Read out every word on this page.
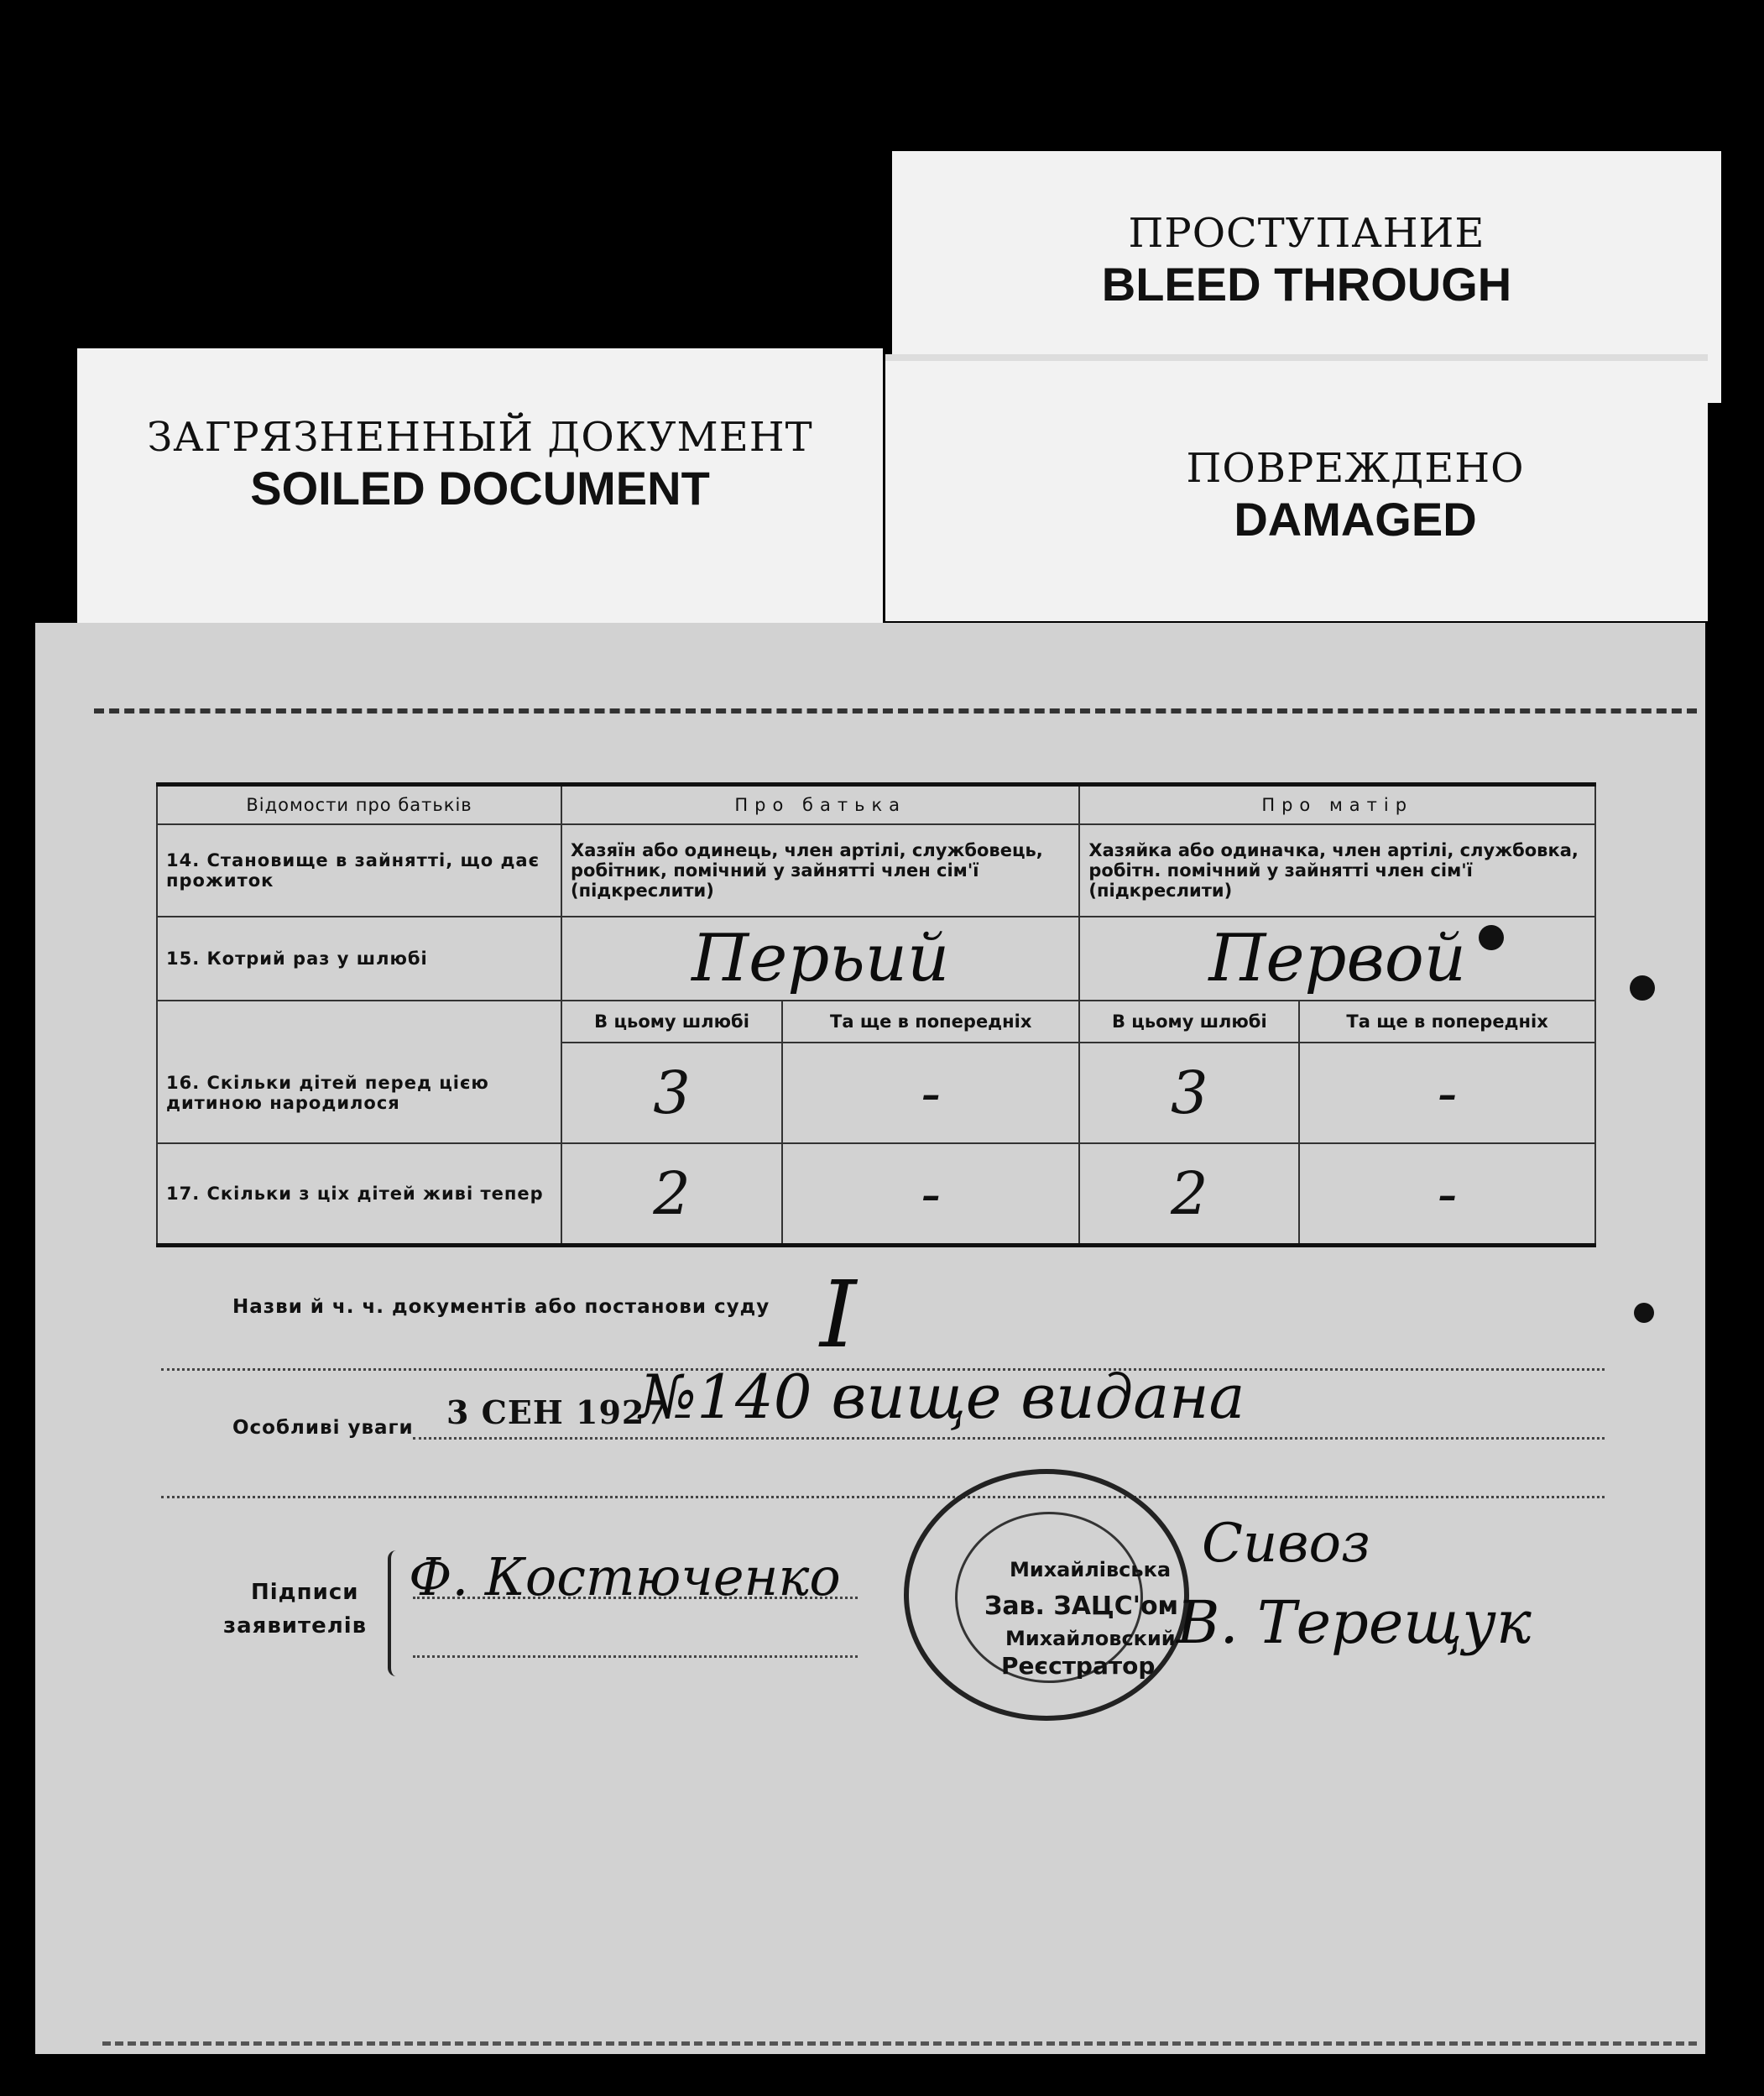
ЗАГРЯЗНЕННЫЙ ДОКУМЕНТ
SOILED DOCUMENT
ПРОСТУПАНИЕ
BLEED THROUGH
ПОВРЕЖДЕНО
DAMAGED
Відомости про батьків	Про батька		Про матір	
14. Становище в зайнятті, що дає прожиток	Хазяїн або одинець, член артілі, службовець, робітник, помічний у зайнятті член сім'ї (підкреслити)		Хазяйка або одиначка, член артілі, службовка, робітн. помічний у зайнятті член сім'ї (підкреслити)	
15. Котрий раз у шлюбі	Перьий		Первой	
	В цьому шлюбі	Та ще в попередніх	В цьому шлюбі	Та ще в попередніх
16. Скільки дітей перед цією дитиною народилося	3	-	3	-
17. Скільки з ціх дітей живі тепер	2	-	2	-
Назви й ч. ч. документів або постанови суду I
Особливі уваги 3 СЕН 1927
№140 вище видана
Підписи
заявителів
Ф. Костюченко	Михайлівська
Зав. ЗАЦС'ом
Михайловский
Реєстратор
Сивоз
В. Терещук
